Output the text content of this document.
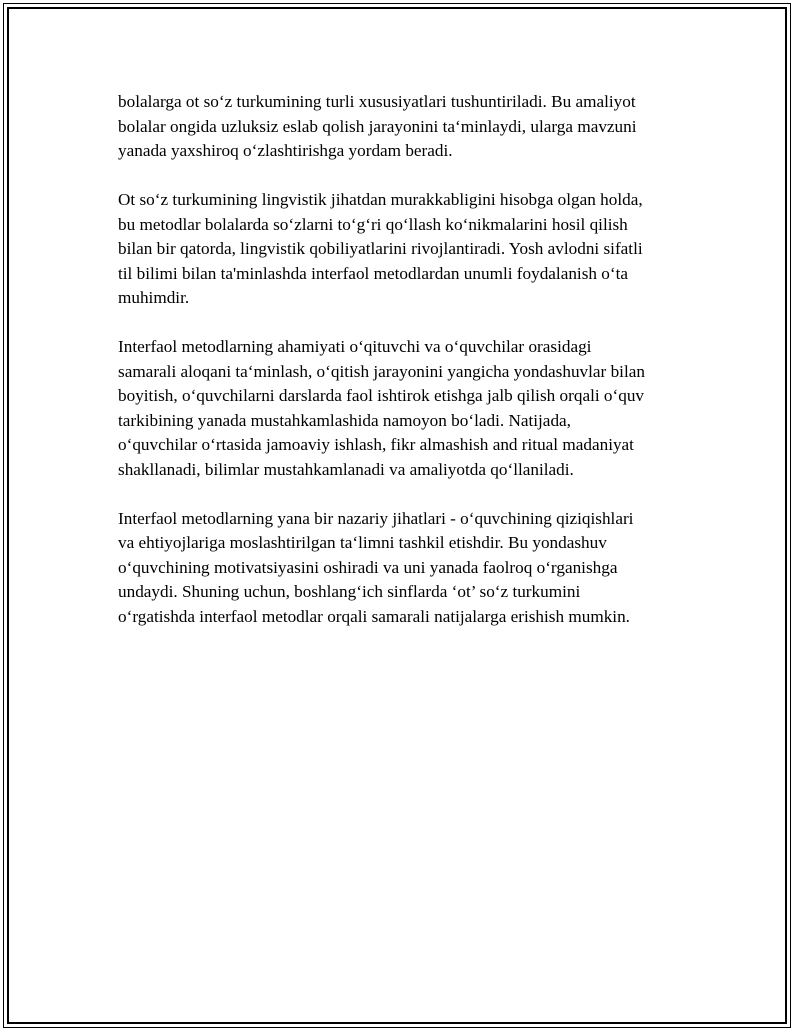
bolalarga ot so‘z turkumining turli xususiyatlari tushuntiriladi. Bu amaliyot
bolalar ongida uzluksiz eslab qolish jarayonini ta‘minlaydi, ularga mavzuni
yanada yaxshiroq o‘zlashtirishga yordam beradi.

Ot so‘z turkumining lingvistik jihatdan murakkabligini hisobga olgan holda,
bu metodlar bolalarda so‘zlarni to‘g‘ri qo‘llash ko‘nikmalarini hosil qilish
bilan bir qatorda, lingvistik qobiliyatlarini rivojlantiradi. Yosh avlodni sifatli
til bilimi bilan ta'minlashda interfaol metodlardan unumli foydalanish o‘ta
muhimdir.

Interfaol metodlarning ahamiyati o‘qituvchi va o‘quvchilar orasidagi
samarali aloqani ta‘minlash, o‘qitish jarayonini yangicha yondashuvlar bilan
boyitish, o‘quvchilarni darslarda faol ishtirok etishga jalb qilish orqali o‘quv
tarkibining yanada mustahkamlashida namoyon bo‘ladi. Natijada,
o‘quvchilar o‘rtasida jamoaviy ishlash, fikr almashish and ritual madaniyat
shakllanadi, bilimlar mustahkamlanadi va amaliyotda qo‘llaniladi.

Interfaol metodlarning yana bir nazariy jihatlari - o‘quvchining qiziqishlari
va ehtiyojlariga moslashtirilgan ta‘limni tashkil etishdir. Bu yondashuv
o‘quvchining motivatsiyasini oshiradi va uni yanada faolroq o‘rganishga
undaydi. Shuning uchun, boshlang‘ich sinflarda ‘ot’ so‘z turkumini
o‘rgatishda interfaol metodlar orqali samarali natijalarga erishish mumkin.
